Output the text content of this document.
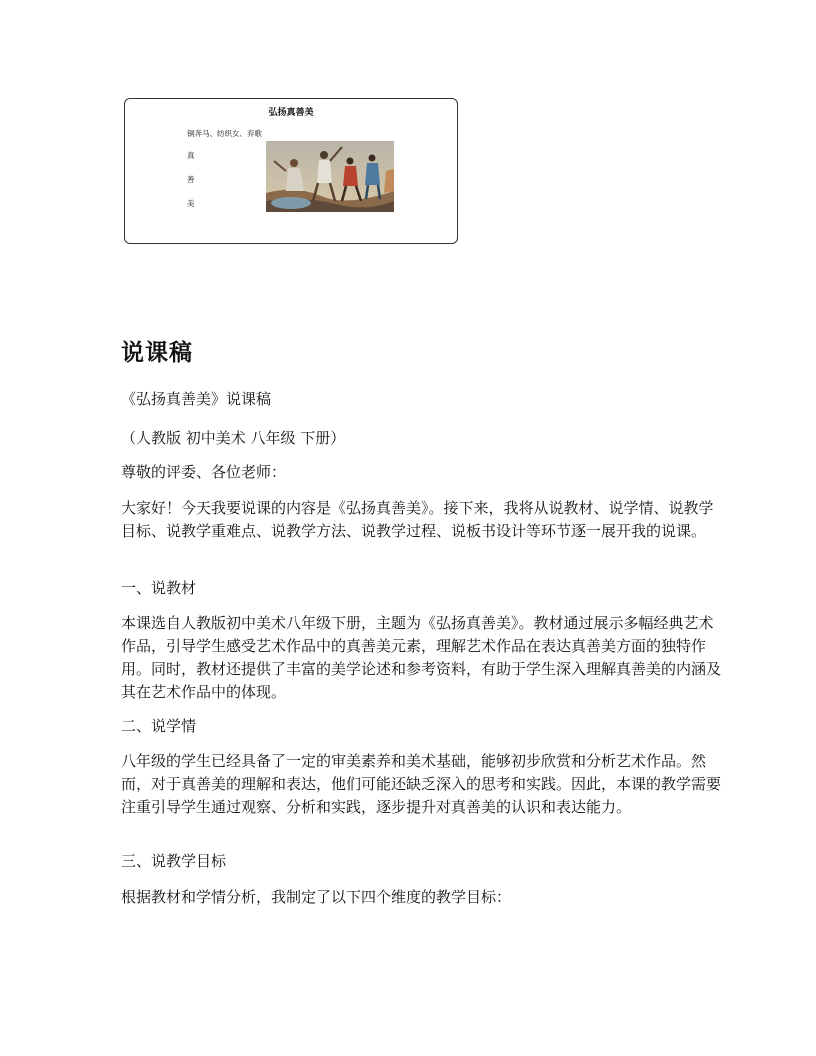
弘扬真善美
铜奔马、纺织女、弃歌
真
善
美
说课稿

《弘扬真善美》说课稿

（人教版 初中美术 八年级 下册）

尊敬的评委、各位老师：

大家好！今天我要说课的内容是《弘扬真善美》。接下来，我将从说教材、说学情、说教学目标、说教学重难点、说教学方法、说教学过程、说板书设计等环节逐一展开我的说课。

一、说教材

本课选自人教版初中美术八年级下册，主题为《弘扬真善美》。教材通过展示多幅经典艺术作品，引导学生感受艺术作品中的真善美元素，理解艺术作品在表达真善美方面的独特作用。同时，教材还提供了丰富的美学论述和参考资料，有助于学生深入理解真善美的内涵及其在艺术作品中的体现。

二、说学情

八年级的学生已经具备了一定的审美素养和美术基础，能够初步欣赏和分析艺术作品。然而，对于真善美的理解和表达，他们可能还缺乏深入的思考和实践。因此，本课的教学需要注重引导学生通过观察、分析和实践，逐步提升对真善美的认识和表达能力。

三、说教学目标

根据教材和学情分析，我制定了以下四个维度的教学目标：
